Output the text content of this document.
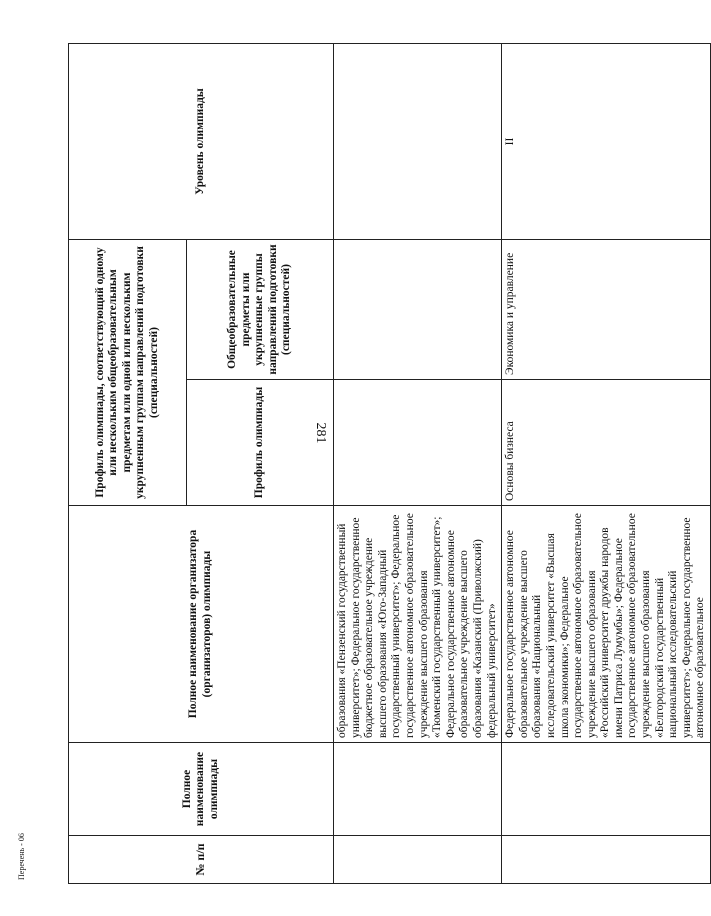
281
№ п/п	Полное наименование олимпиады	Полное наименование организатора (организаторов) олимпиады	Профиль олимпиады, соответствующий одному или нескольким общеобразовательным предметам или одной или нескольким укрупненным группам направлений подготовки (специальностей)		Уровень олимпиады
			Профиль олимпиады	Общеобразовательные предметы или укрупненные группы направлений подготовки (специальностей)	
		образования «Пензенский государственный университет»; Федеральное государственное бюджетное образовательное учреждение высшего образования «Юго-Западный государственный университет»; Федеральное государственное автономное образовательное учреждение высшего образования «Тюменский государственный университет»; Федеральное государственное автономное образовательное учреждение высшего образования «Казанский (Приволжский) федеральный университет»			
		Федеральное государственное автономное образовательное учреждение высшего образования «Национальный исследовательский университет «Высшая школа экономики»; Федеральное государственное автономное образовательное учреждение высшего образования «Российский университет дружбы народов имени Патриса Лумумбы»; Федеральное государственное автономное образовательное учреждение высшего образования «Белгородский государственный национальный исследовательский университет»; Федеральное государственное автономное образовательное	Основы бизнеса	Экономика и управление	II
Перечень - 06
